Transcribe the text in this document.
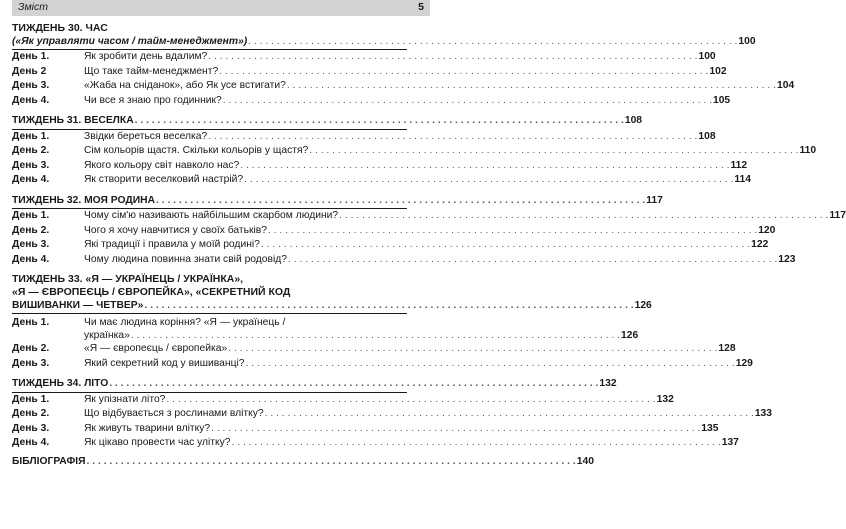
Зміст	5
ТИЖДЕНЬ 30. ЧАС
(«Як управляти часом / тайм-менеджмент») . . .	100
День 1.	Як зробити день вдалим? . . .	100
День 2	Що таке тайм-менеджмент? . . .	102
День 3.	«Жаба на сніданок», або Як усе встигати? . . .	104
День 4.	Чи все я знаю про годинник? . . .	105
ТИЖДЕНЬ 31. ВЕСЕЛКА . . .	108
День 1.	Звідки береться веселка? . . .	108
День 2.	Сім кольорів щастя. Скільки кольорів у щастя? . . .	110
День 3.	Якого кольору світ навколо нас? . . .	112
День 4.	Як створити веселковий настрій? . . .	114
ТИЖДЕНЬ 32. МОЯ РОДИНА . . .	117
День 1.	Чому сім'ю називають найбільшим скарбом людини? . . .	117
День 2.	Чого я хочу навчитися у своїх батьків? . . .	120
День 3.	Які традиції і правила у моїй родині? . . .	122
День 4.	Чому людина повинна знати свій родовід? . . .	123
ТИЖДЕНЬ 33. «Я — УКРАЇНЕЦЬ / УКРАЇНКА»,
«Я — ЄВРОПЕЄЦЬ / ЄВРОПЕЙКА», «СЕКРЕТНИЙ КОД
ВИШИВАНКИ — ЧЕТВЕР» . . .	126
День 1.	Чи має людина коріння? «Я — українець /
українка» . . .	126
День 2.	«Я — європеєць / європейка» . . .	128
День 3.	Який секретний код у вишиванці? . . .	129
ТИЖДЕНЬ 34. ЛІТО . . .	132
День 1.	Як упізнати літо? . . .	132
День 2.	Що відбувається з рослинами влітку? . . .	133
День 3.	Як живуть тварини влітку? . . .	135
День 4.	Як цікаво провести час улітку? . . .	137
БІБЛІОГРАФІЯ . . .	140
